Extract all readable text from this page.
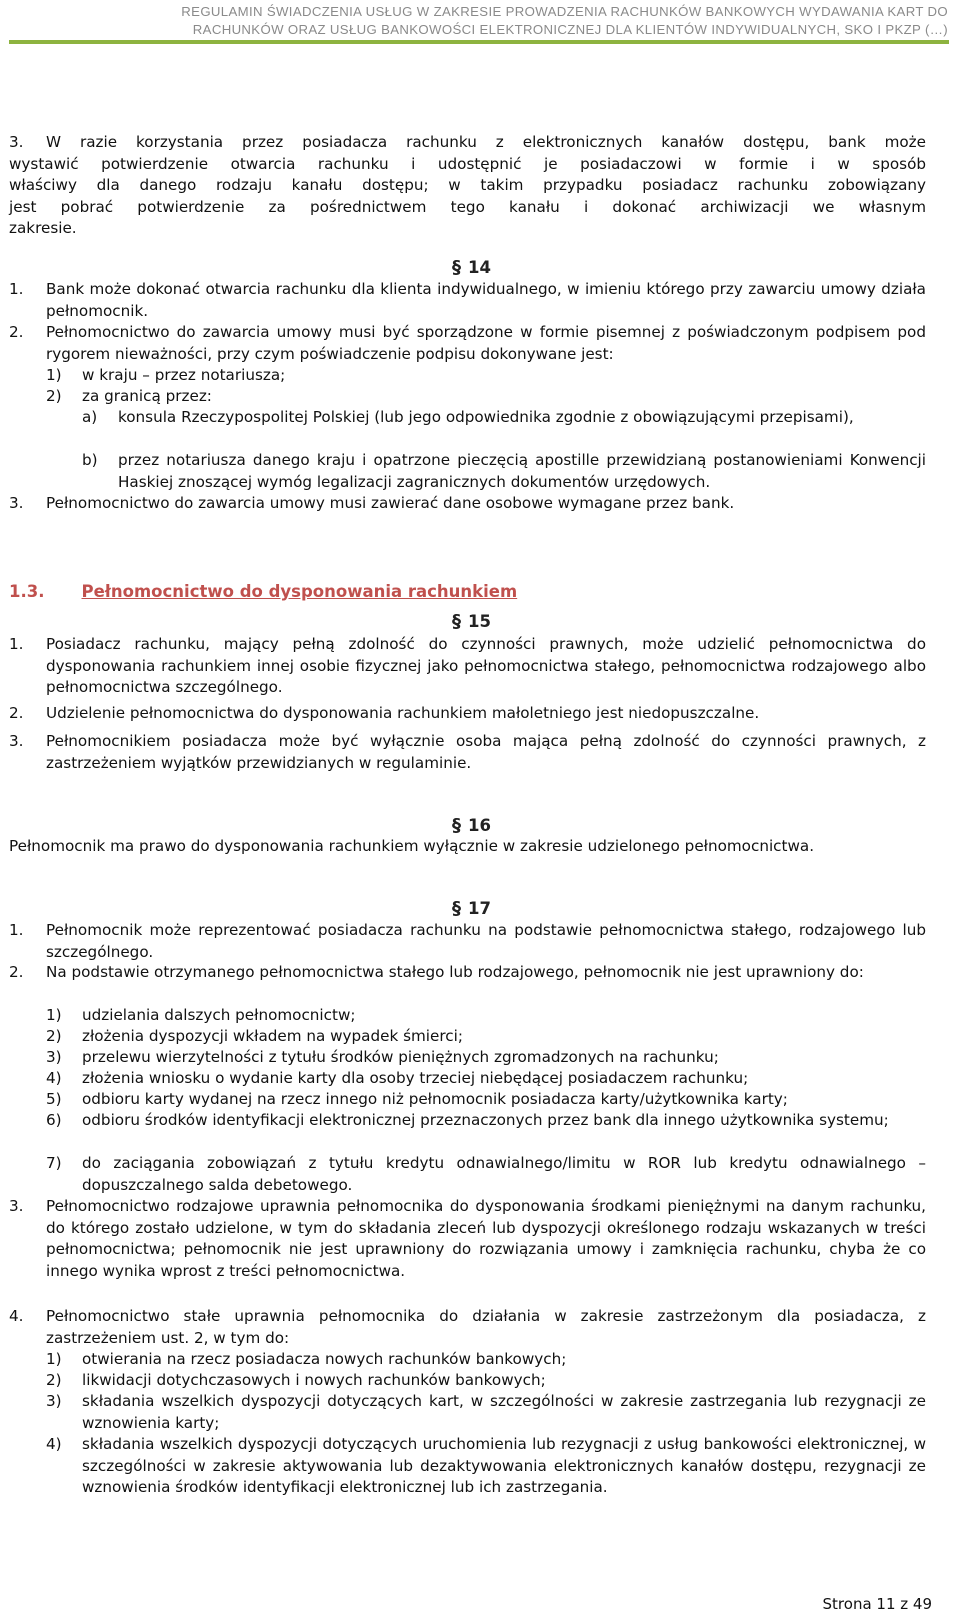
REGULAMIN ŚWIADCZENIA USŁUG W ZAKRESIE PROWADZENIA RACHUNKÓW BANKOWYCH WYDAWANIA KART DO
RACHUNKÓW ORAZ USŁUG BANKOWOŚCI ELEKTRONICZNEJ DLA KLIENTÓW INDYWIDUALNYCH, SKO I PKZP (…)
3. W razie korzystania przez posiadacza rachunku z elektronicznych kanałów dostępu, bank może
wystawić potwierdzenie otwarcia rachunku i udostępnić je posiadaczowi w formie i w sposób
właściwy dla danego rodzaju kanału dostępu; w takim przypadku posiadacz rachunku zobowiązany
jest pobrać potwierdzenie za pośrednictwem tego kanału i dokonać archiwizacji we własnym
zakresie.
§ 14
1. Bank może dokonać otwarcia rachunku dla klienta indywidualnego, w imieniu którego przy zawarciu umowy działa pełnomocnik.
2. Pełnomocnictwo do zawarcia umowy musi być sporządzone w formie pisemnej z poświadczonym podpisem pod rygorem nieważności, przy czym poświadczenie podpisu dokonywane jest:
1) w kraju – przez notariusza;
2) za granicą przez:
a) konsula Rzeczypospolitej Polskiej (lub jego odpowiednika zgodnie z obowiązującymi przepisami),
b) przez notariusza danego kraju i opatrzone pieczęcią apostille przewidzianą postanowieniami Konwencji Haskiej znoszącej wymóg legalizacji zagranicznych dokumentów urzędowych.
3. Pełnomocnictwo do zawarcia umowy musi zawierać dane osobowe wymagane przez bank.
1.3. Pełnomocnictwo do dysponowania rachunkiem
§ 15
1. Posiadacz rachunku, mający pełną zdolność do czynności prawnych, może udzielić pełnomocnictwa do dysponowania rachunkiem innej osobie fizycznej jako pełnomocnictwa stałego, pełnomocnictwa rodzajowego albo pełnomocnictwa szczególnego.
2. Udzielenie pełnomocnictwa do dysponowania rachunkiem małoletniego jest niedopuszczalne.
3. Pełnomocnikiem posiadacza może być wyłącznie osoba mająca pełną zdolność do czynności prawnych, z zastrzeżeniem wyjątków przewidzianych w regulaminie.
§ 16
Pełnomocnik ma prawo do dysponowania rachunkiem wyłącznie w zakresie udzielonego pełnomocnictwa.
§ 17
1. Pełnomocnik może reprezentować posiadacza rachunku na podstawie pełnomocnictwa stałego, rodzajowego lub szczególnego.
2. Na podstawie otrzymanego pełnomocnictwa stałego lub rodzajowego, pełnomocnik nie jest uprawniony do:
1) udzielania dalszych pełnomocnictw;
2) złożenia dyspozycji wkładem na wypadek śmierci;
3) przelewu wierzytelności z tytułu środków pieniężnych zgromadzonych na rachunku;
4) złożenia wniosku o wydanie karty dla osoby trzeciej niebędącej posiadaczem rachunku;
5) odbioru karty wydanej na rzecz innego niż pełnomocnik posiadacza karty/użytkownika karty;
6) odbioru środków identyfikacji elektronicznej przeznaczonych przez bank dla innego użytkownika systemu;
7) do zaciągania zobowiązań z tytułu kredytu odnawialnego/limitu w ROR lub kredytu odnawialnego – dopuszczalnego salda debetowego.
3. Pełnomocnictwo rodzajowe uprawnia pełnomocnika do dysponowania środkami pieniężnymi na danym rachunku, do którego zostało udzielone, w tym do składania zleceń lub dyspozycji określonego rodzaju wskazanych w treści pełnomocnictwa; pełnomocnik nie jest uprawniony do rozwiązania umowy i zamknięcia rachunku, chyba że co innego wynika wprost z treści pełnomocnictwa.
4. Pełnomocnictwo stałe uprawnia pełnomocnika do działania w zakresie zastrzeżonym dla posiadacza, z zastrzeżeniem ust. 2, w tym do:
1) otwierania na rzecz posiadacza nowych rachunków bankowych;
2) likwidacji dotychczasowych i nowych rachunków bankowych;
3) składania wszelkich dyspozycji dotyczących kart, w szczególności w zakresie zastrzegania lub rezygnacji ze wznowienia karty;
4) składania wszelkich dyspozycji dotyczących uruchomienia lub rezygnacji z usług bankowości elektronicznej, w szczególności w zakresie aktywowania lub dezaktywowania elektronicznych kanałów dostępu, rezygnacji ze wznowienia środków identyfikacji elektronicznej lub ich zastrzegania.
Strona 11 z 49
